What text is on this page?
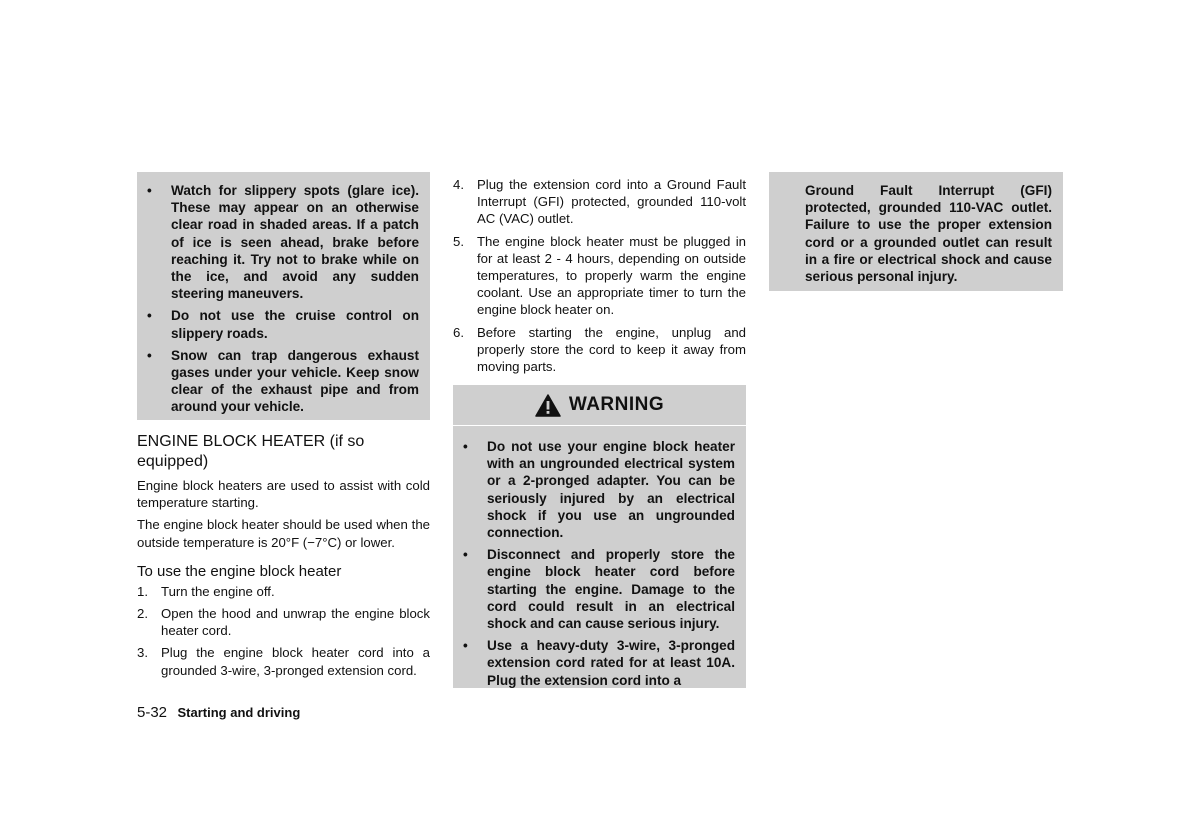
• Watch for slippery spots (glare ice). These may appear on an otherwise clear road in shaded areas. If a patch of ice is seen ahead, brake before reaching it. Try not to brake while on the ice, and avoid any sudden steering maneuvers.
• Do not use the cruise control on slippery roads.
• Snow can trap dangerous exhaust gases under your vehicle. Keep snow clear of the exhaust pipe and from around your vehicle.
ENGINE BLOCK HEATER (if so equipped)

Engine block heaters are used to assist with cold temperature starting.

The engine block heater should be used when the outside temperature is 20°F (−7°C) or lower.

To use the engine block heater
1. Turn the engine off.
2. Open the hood and unwrap the engine block heater cord.
3. Plug the engine block heater cord into a grounded 3-wire, 3-pronged extension cord.
4. Plug the extension cord into a Ground Fault Interrupt (GFI) protected, grounded 110-volt AC (VAC) outlet.
5. The engine block heater must be plugged in for at least 2 - 4 hours, depending on outside temperatures, to properly warm the engine coolant. Use an appropriate timer to turn the engine block heater on.
6. Before starting the engine, unplug and properly store the cord to keep it away from moving parts.
WARNING
• Do not use your engine block heater with an ungrounded electrical system or a 2-pronged adapter. You can be seriously injured by an electrical shock if you use an ungrounded connection.
• Disconnect and properly store the engine block heater cord before starting the engine. Damage to the cord could result in an electrical shock and can cause serious injury.
• Use a heavy-duty 3-wire, 3-pronged extension cord rated for at least 10A. Plug the extension cord into a

Ground Fault Interrupt (GFI) protected, grounded 110-VAC outlet. Failure to use the proper extension cord or a grounded outlet can result in a fire or electrical shock and cause serious personal injury.

5-32 Starting and driving
